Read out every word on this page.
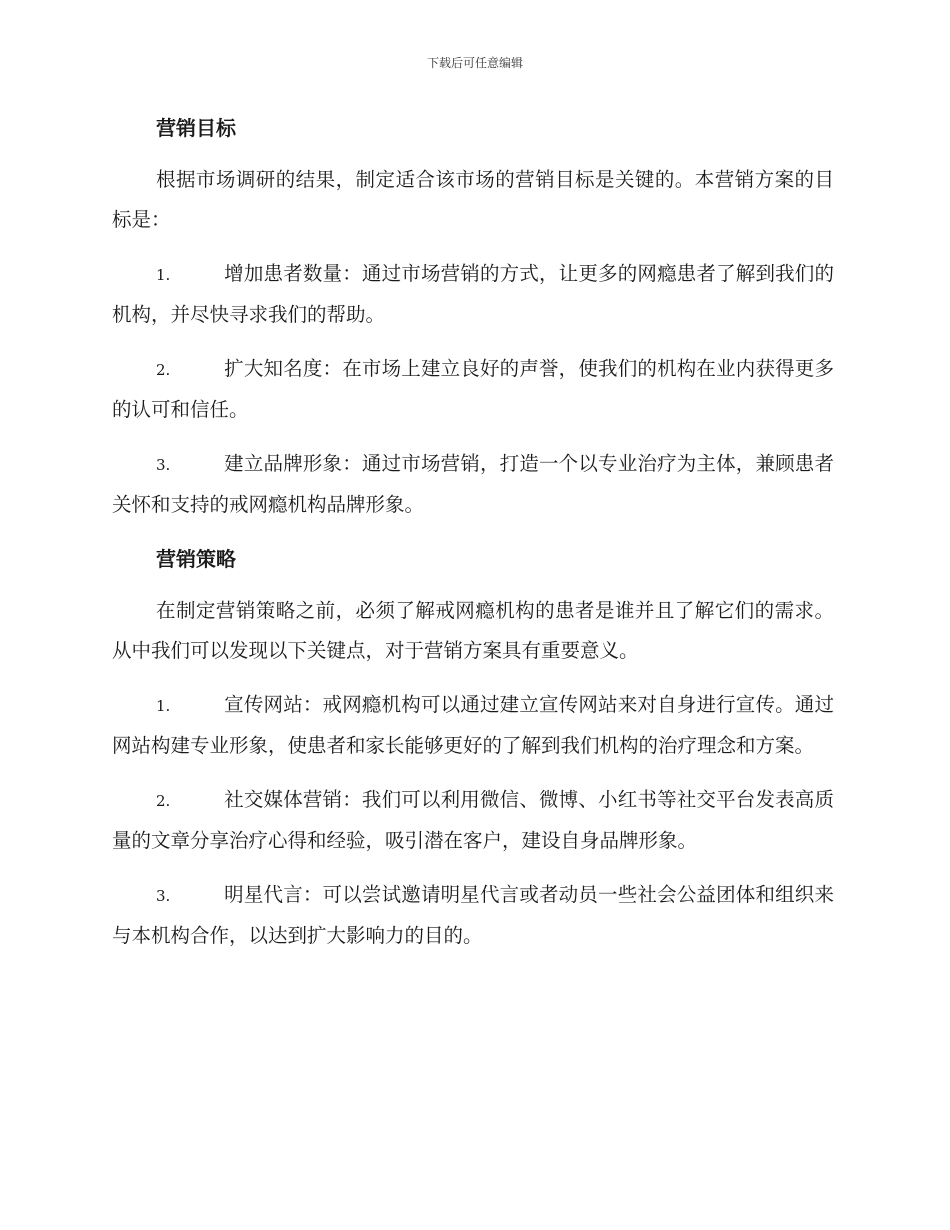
下载后可任意编辑
营销目标

根据市场调研的结果，制定适合该市场的营销目标是关键的。本营销方案的目标是：

1.	增加患者数量：通过市场营销的方式，让更多的网瘾患者了解到我们的机构，并尽快寻求我们的帮助。

2.	扩大知名度：在市场上建立良好的声誉，使我们的机构在业内获得更多的认可和信任。

3.	建立品牌形象：通过市场营销，打造一个以专业治疗为主体，兼顾患者关怀和支持的戒网瘾机构品牌形象。

营销策略

在制定营销策略之前，必须了解戒网瘾机构的患者是谁并且了解它们的需求。从中我们可以发现以下关键点，对于营销方案具有重要意义。

1.	宣传网站：戒网瘾机构可以通过建立宣传网站来对自身进行宣传。通过网站构建专业形象，使患者和家长能够更好的了解到我们机构的治疗理念和方案。

2.	社交媒体营销：我们可以利用微信、微博、小红书等社交平台发表高质量的文章分享治疗心得和经验，吸引潜在客户，建设自身品牌形象。

3.	明星代言：可以尝试邀请明星代言或者动员一些社会公益团体和组织来与本机构合作，以达到扩大影响力的目的。
